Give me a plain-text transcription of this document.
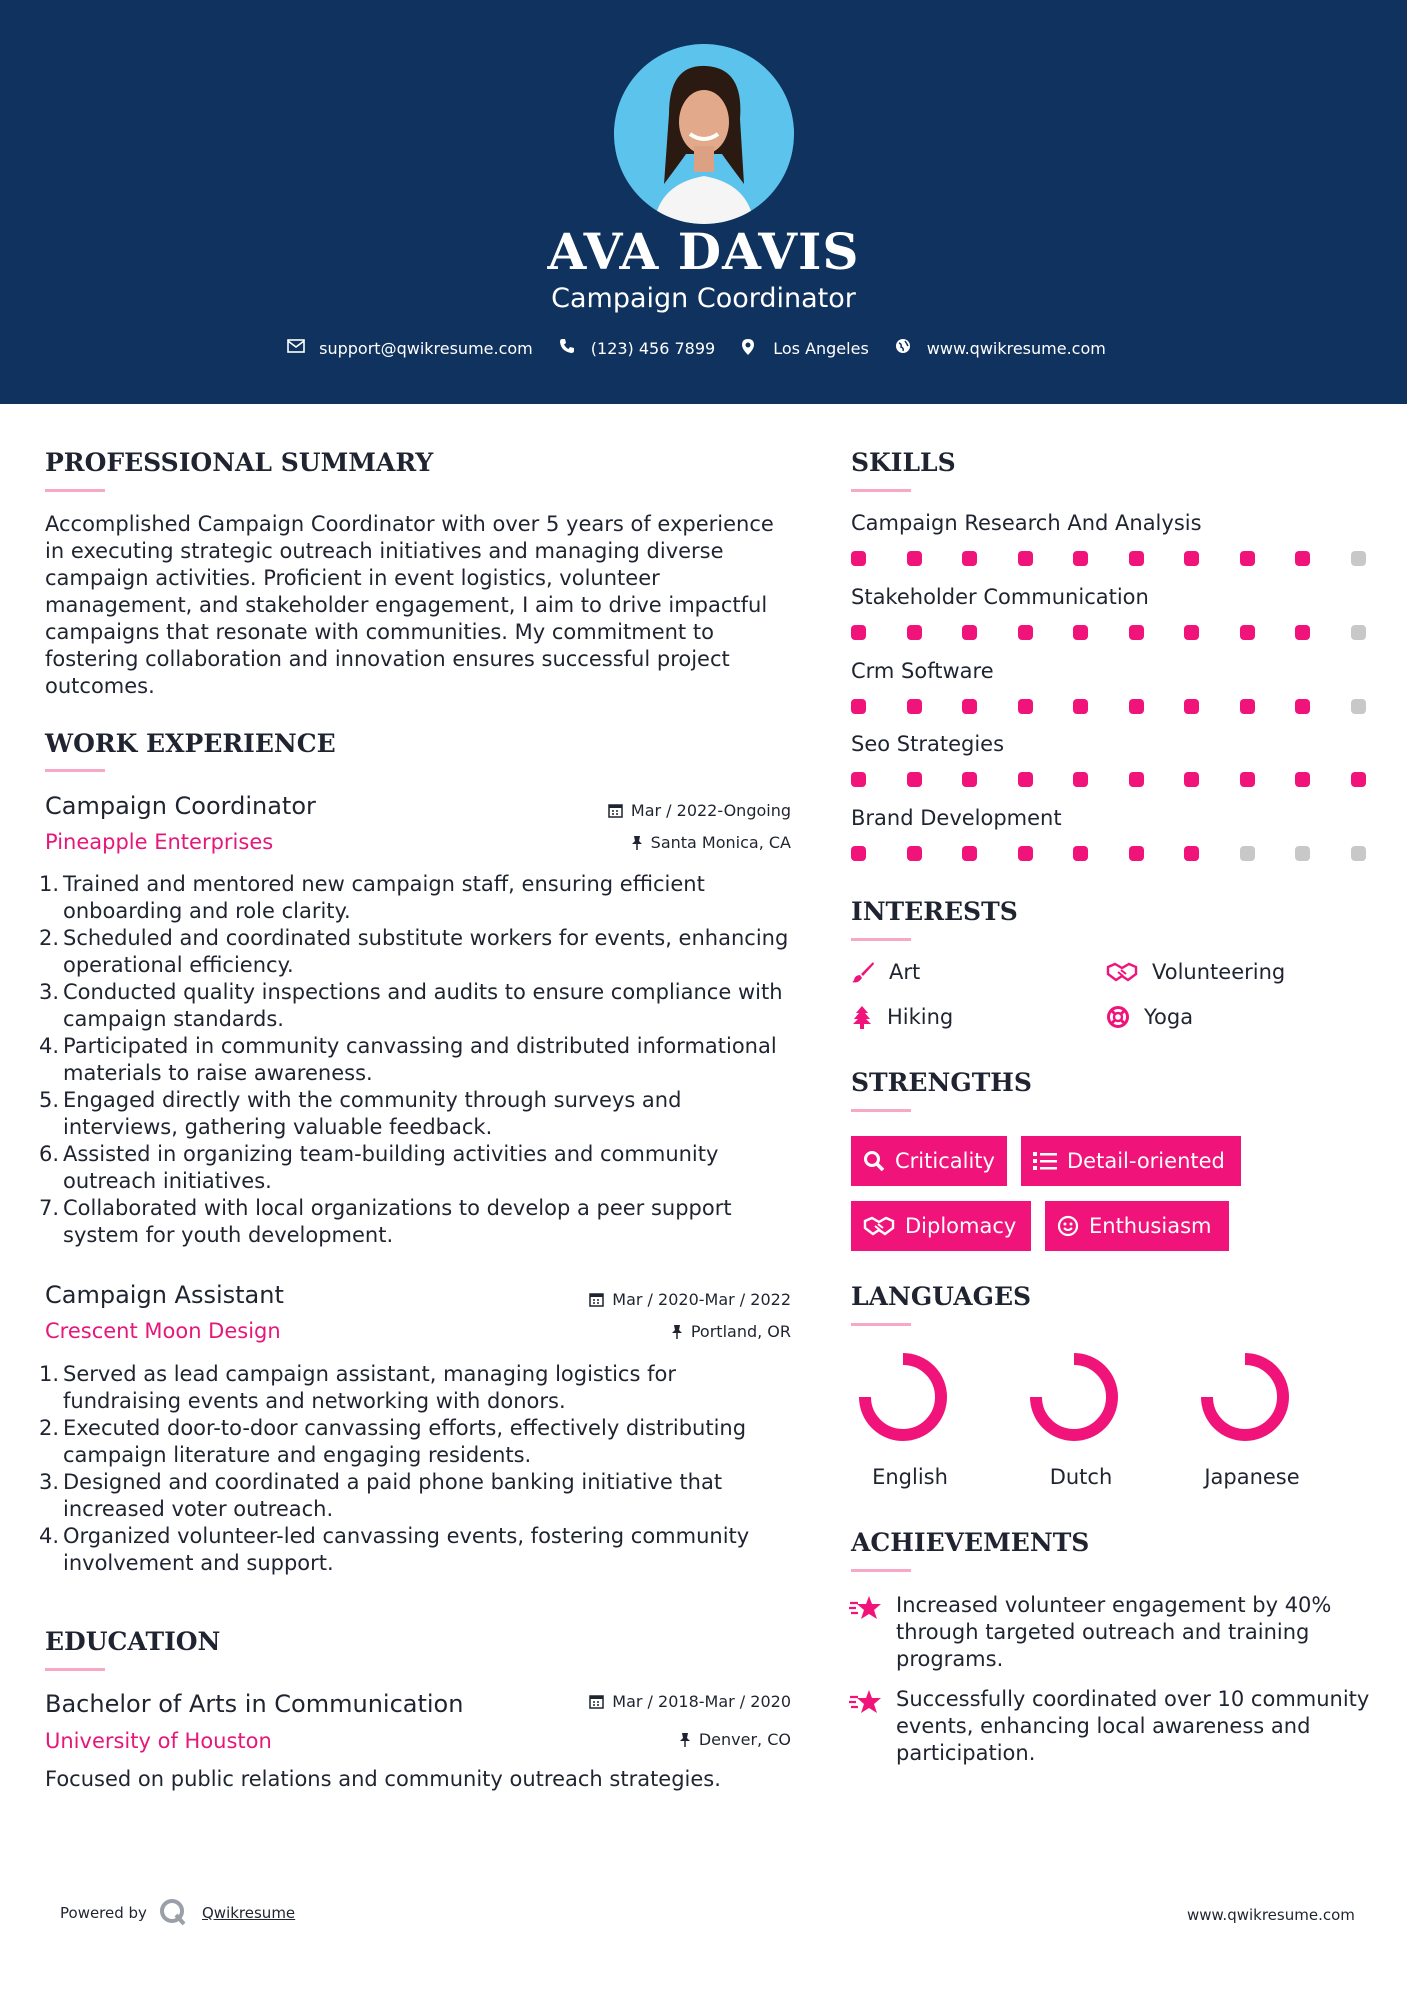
AVA DAVIS
Campaign Coordinator
support@qwikresume.com	(123) 456 7899	Los Angeles	www.qwikresume.com
PROFESSIONAL SUMMARY
Accomplished Campaign Coordinator with over 5 years of experience
in executing strategic outreach initiatives and managing diverse
campaign activities. Proficient in event logistics, volunteer
management, and stakeholder engagement, I aim to drive impactful
campaigns that resonate with communities. My commitment to
fostering collaboration and innovation ensures successful project
outcomes.
WORK EXPERIENCE
Campaign Coordinator
Pineapple Enterprises
Mar / 2022-Ongoing
Santa Monica, CA
1. Trained and mentored new campaign staff, ensuring efficient
onboarding and role clarity.
2. Scheduled and coordinated substitute workers for events, enhancing
operational efficiency.
3. Conducted quality inspections and audits to ensure compliance with
campaign standards.
4. Participated in community canvassing and distributed informational
materials to raise awareness.
5. Engaged directly with the community through surveys and
interviews, gathering valuable feedback.
6. Assisted in organizing team-building activities and community
outreach initiatives.
7. Collaborated with local organizations to develop a peer support
system for youth development.
Campaign Assistant
Crescent Moon Design
Mar / 2020-Mar / 2022
Portland, OR
1. Served as lead campaign assistant, managing logistics for
fundraising events and networking with donors.
2. Executed door-to-door canvassing efforts, effectively distributing
campaign literature and engaging residents.
3. Designed and coordinated a paid phone banking initiative that
increased voter outreach.
4. Organized volunteer-led canvassing events, fostering community
involvement and support.
EDUCATION
Bachelor of Arts in Communication
University of Houston
Mar / 2018-Mar / 2020
Denver, CO
Focused on public relations and community outreach strategies.
SKILLS
Campaign Research And Analysis
Stakeholder Communication
Crm Software
Seo Strategies
Brand Development
INTERESTS
Art	Volunteering
Hiking	Yoga
STRENGTHS
Criticality	Detail-oriented
Diplomacy	Enthusiasm
LANGUAGES
English	Dutch	Japanese
ACHIEVEMENTS
Increased volunteer engagement by 40%
through targeted outreach and training
programs.
Successfully coordinated over 10 community
events, enhancing local awareness and
participation.
Powered by	Qwikresume	www.qwikresume.com
